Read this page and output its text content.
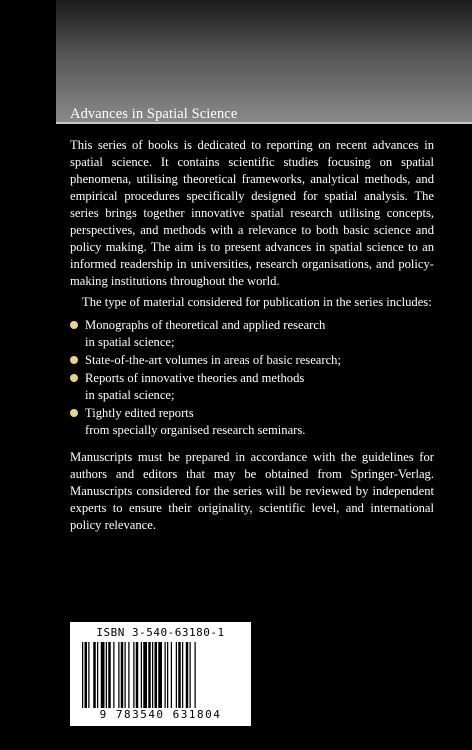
Advances in Spatial Science

This series of books is dedicated to reporting on recent advances in spatial science. It contains scientific studies focusing on spatial phenomena, utilising theoretical frameworks, analytical methods, and empirical procedures specifically designed for spatial analysis. The series brings together innovative spatial research utilising concepts, perspectives, and methods with a relevance to both basic science and policy making. The aim is to present advances in spatial science to an informed readership in universities, research organisations, and policy-making institutions throughout the world.

The type of material considered for publication in the series includes:

Monographs of theoretical and applied research
in spatial science;
State-of-the-art volumes in areas of basic research;
Reports of innovative theories and methods
in spatial science;
Tightly edited reports
from specially organised research seminars.

Manuscripts must be prepared in accordance with the guidelines for authors and editors that may be obtained from Springer-Verlag. Manuscripts considered for the series will be reviewed by independent experts to ensure their originality, scientific level, and international policy relevance.

ISBN 3-540-63180-1
9 783540 631804
